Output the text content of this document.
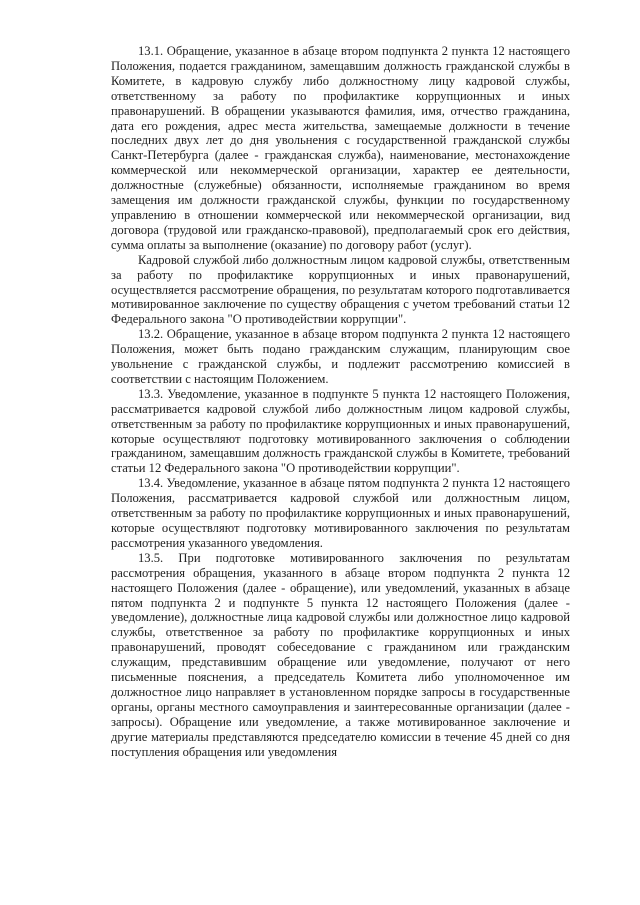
13.1. Обращение, указанное в абзаце втором подпункта 2 пункта 12 настоящего Положения, подается гражданином, замещавшим должность гражданской службы в Комитете, в кадровую службу либо должностному лицу кадровой службы, ответственному за работу по профилактике коррупционных и иных правонарушений. В обращении указываются фамилия, имя, отчество гражданина, дата его рождения, адрес места жительства, замещаемые должности в течение последних двух лет до дня увольнения с государственной гражданской службы Санкт-Петербурга (далее - гражданская служба), наименование, местонахождение коммерческой или некоммерческой организации, характер ее деятельности, должностные (служебные) обязанности, исполняемые гражданином во время замещения им должности гражданской службы, функции по государственному управлению в отношении коммерческой или некоммерческой организации, вид договора (трудовой или гражданско-правовой), предполагаемый срок его действия, сумма оплаты за выполнение (оказание) по договору работ (услуг).

Кадровой службой либо должностным лицом кадровой службы, ответственным за работу по профилактике коррупционных и иных правонарушений, осуществляется рассмотрение обращения, по результатам которого подготавливается мотивированное заключение по существу обращения с учетом требований статьи 12 Федерального закона "О противодействии коррупции".

13.2. Обращение, указанное в абзаце втором подпункта 2 пункта 12 настоящего Положения, может быть подано гражданским служащим, планирующим свое увольнение с гражданской службы, и подлежит рассмотрению комиссией в соответствии с настоящим Положением.

13.3. Уведомление, указанное в подпункте 5 пункта 12 настоящего Положения, рассматривается кадровой службой либо должностным лицом кадровой службы, ответственным за работу по профилактике коррупционных и иных правонарушений, которые осуществляют подготовку мотивированного заключения о соблюдении гражданином, замещавшим должность гражданской службы в Комитете, требований статьи 12 Федерального закона "О противодействии коррупции".

13.4. Уведомление, указанное в абзаце пятом подпункта 2 пункта 12 настоящего Положения, рассматривается кадровой службой или должностным лицом, ответственным за работу по профилактике коррупционных и иных правонарушений, которые осуществляют подготовку мотивированного заключения по результатам рассмотрения указанного уведомления.

13.5. При подготовке мотивированного заключения по результатам рассмотрения обращения, указанного в абзаце втором подпункта 2 пункта 12 настоящего Положения (далее - обращение), или уведомлений, указанных в абзаце пятом подпункта 2 и подпункте 5 пункта 12 настоящего Положения (далее - уведомление), должностные лица кадровой службы или должностное лицо кадровой службы, ответственное за работу по профилактике коррупционных и иных правонарушений, проводят собеседование с гражданином или гражданским служащим, представившим обращение или уведомление, получают от него письменные пояснения, а председатель Комитета либо уполномоченное им должностное лицо направляет в установленном порядке запросы в государственные органы, органы местного самоуправления и заинтересованные организации (далее - запросы). Обращение или уведомление, а также мотивированное заключение и другие материалы представляются председателю комиссии в течение 45 дней со дня поступления обращения или уведомления
